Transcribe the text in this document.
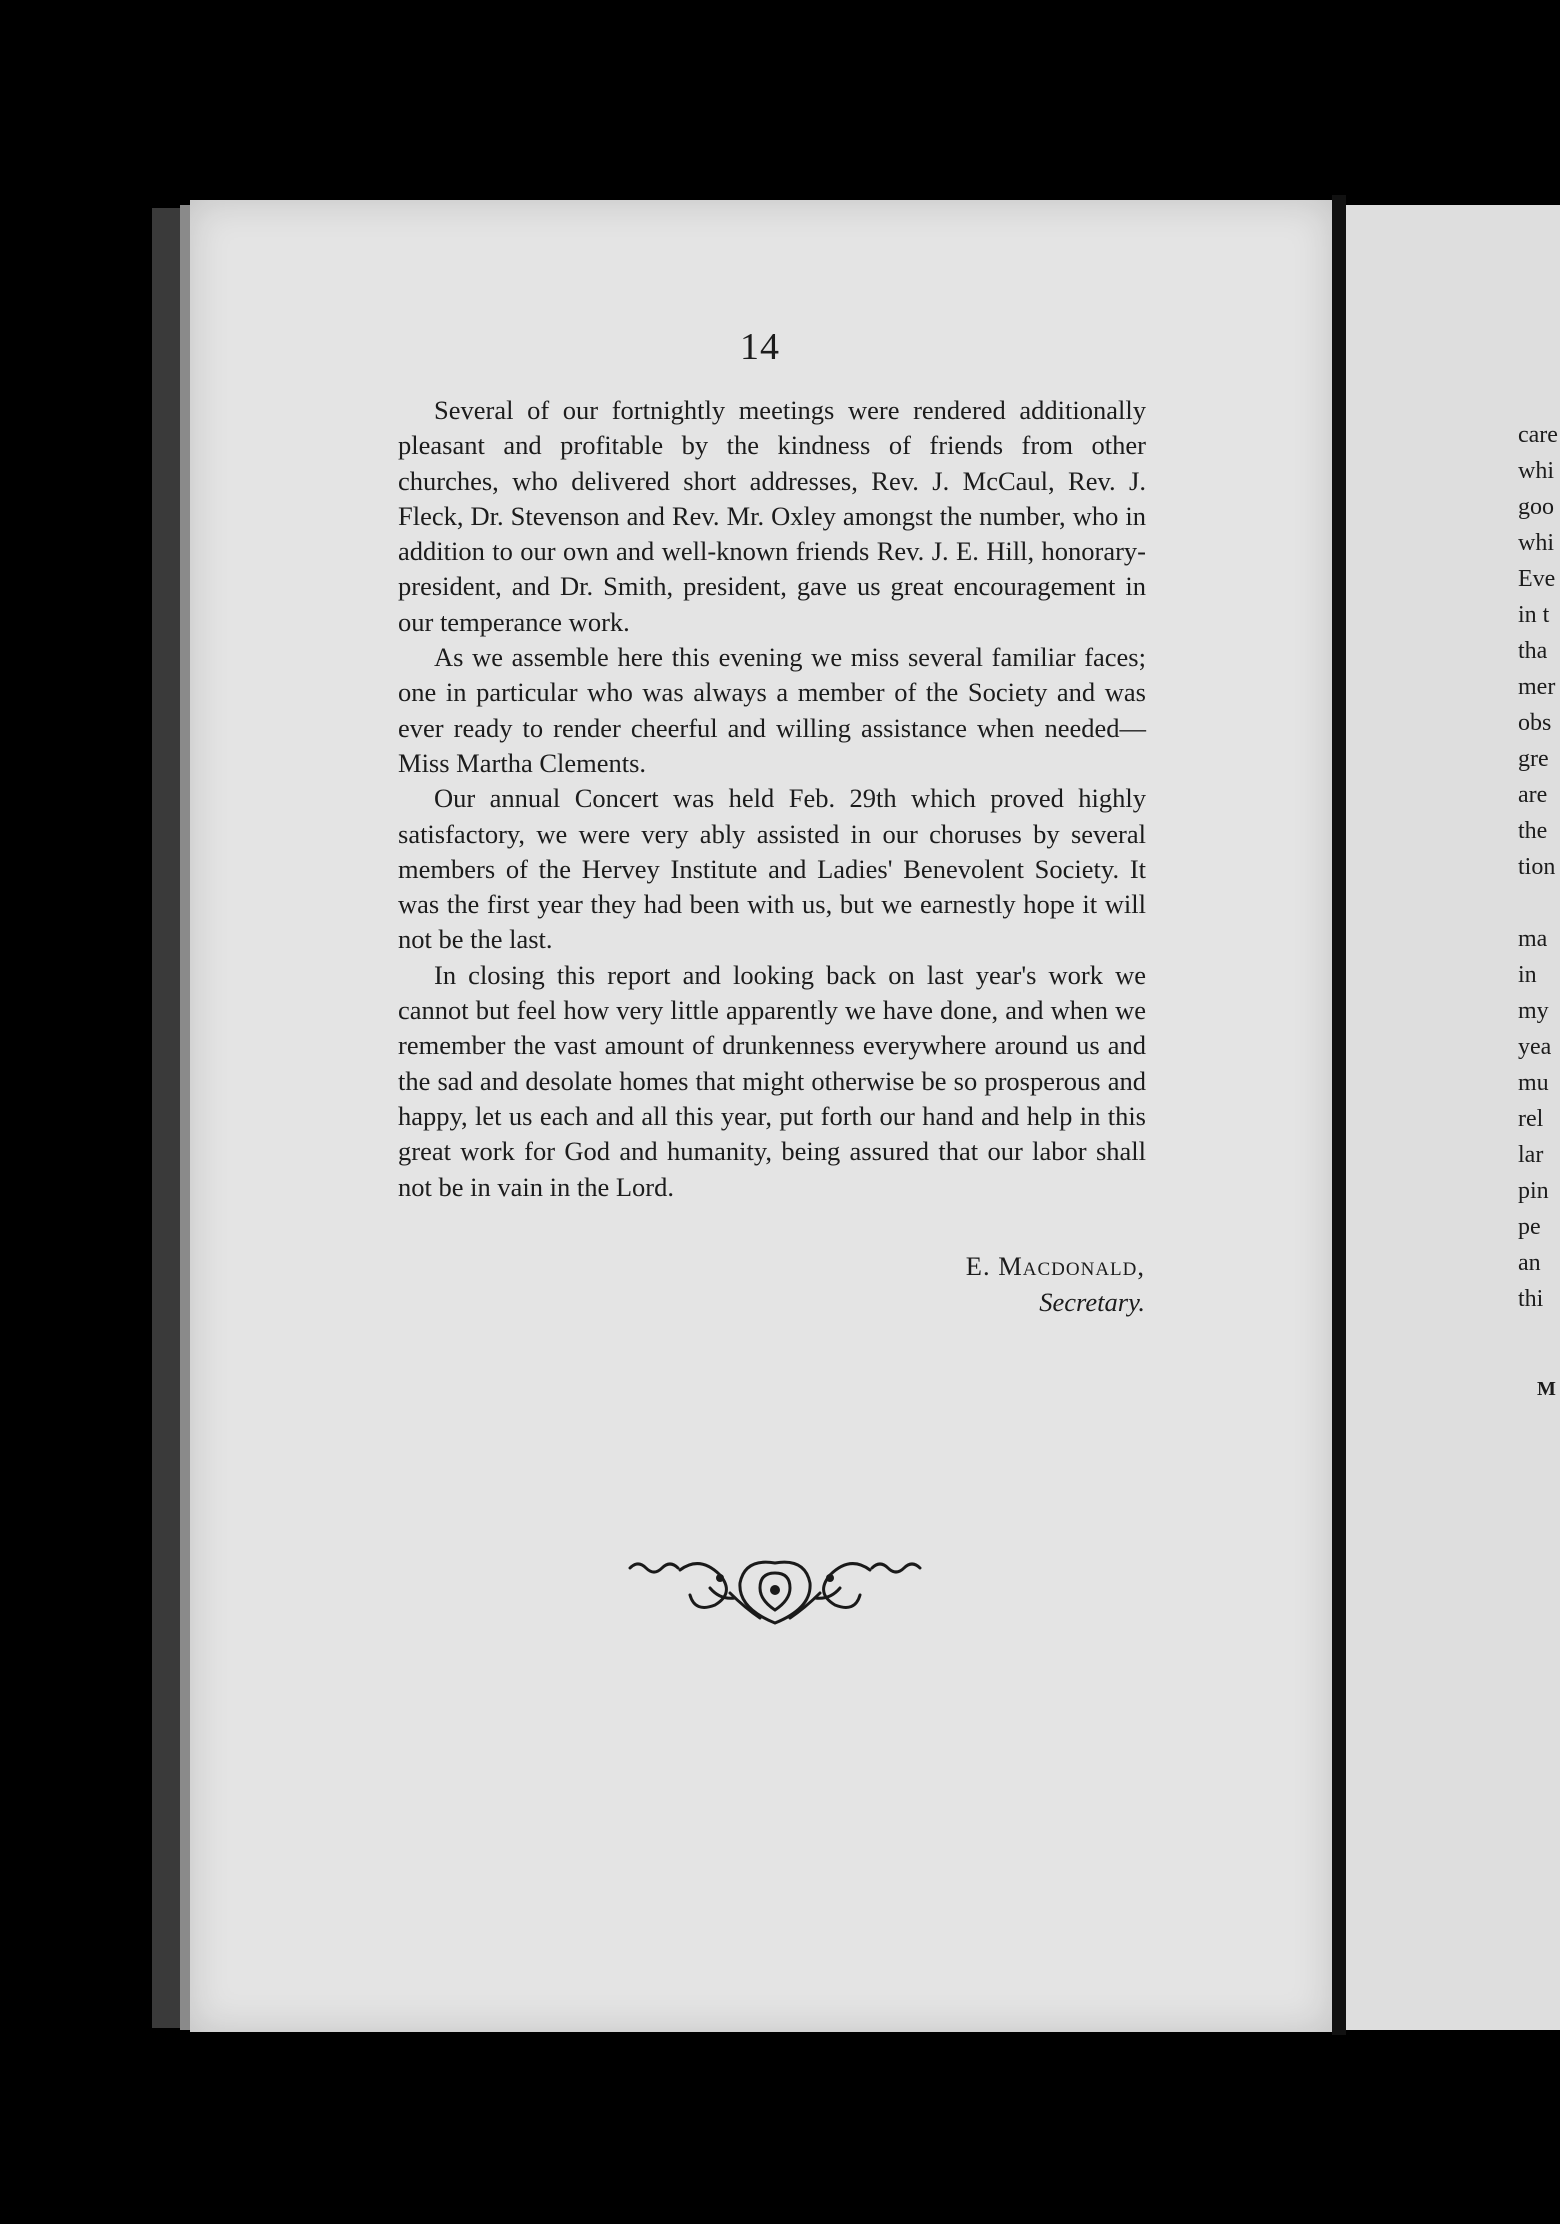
14

Several of our fortnightly meetings were rendered additionally pleasant and profitable by the kindness of friends from other churches, who delivered short addresses, Rev. J. McCaul, Rev. J. Fleck, Dr. Stevenson and Rev. Mr. Oxley amongst the number, who in addition to our own and well-known friends Rev. J. E. Hill, honorary-president, and Dr. Smith, president, gave us great encouragement in our temperance work.

As we assemble here this evening we miss several familiar faces; one in particular who was always a member of the Society and was ever ready to render cheerful and willing assistance when needed—Miss Martha Clements.

Our annual Concert was held Feb. 29th which proved highly satisfactory, we were very ably assisted in our choruses by several members of the Hervey Institute and Ladies' Benevolent Society. It was the first year they had been with us, but we earnestly hope it will not be the last.

In closing this report and looking back on last year's work we cannot but feel how very little apparently we have done, and when we remember the vast amount of drunkenness everywhere around us and the sad and desolate homes that might otherwise be so prosperous and happy, let us each and all this year, put forth our hand and help in this great work for God and humanity, being assured that our labor shall not be in vain in the Lord.

E. Macdonald,
Secretary.
care
whi
goo
whi
Eve
in t
tha
mer
obs
gre
are
the
tion
ma
in
my
yea
mu
rel
lar
pin
pe
an
thi
M
